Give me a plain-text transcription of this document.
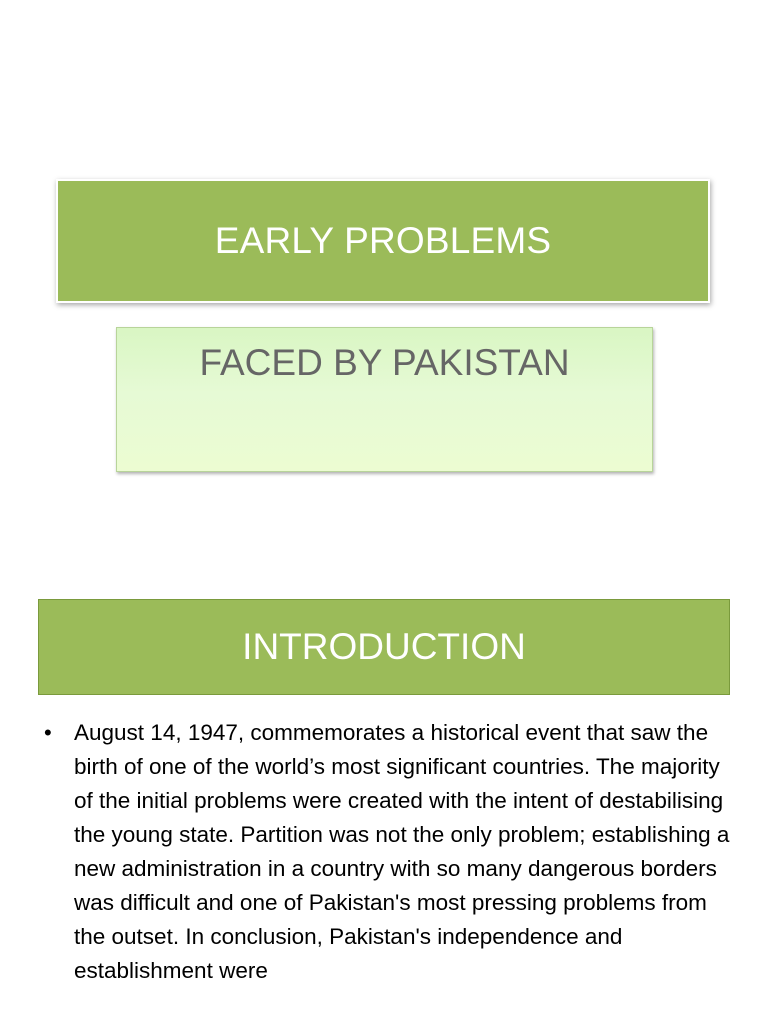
EARLY PROBLEMS
FACED BY PAKISTAN
INTRODUCTION
• August 14, 1947, commemorates a historical event that saw the birth of one of the world’s most significant countries. The majority of the initial problems were created with the intent of destabilising the young state. Partition was not the only problem; establishing a new administration in a country with so many dangerous borders was difficult and one of Pakistan's most pressing problems from the outset. In conclusion, Pakistan's independence and establishment were
